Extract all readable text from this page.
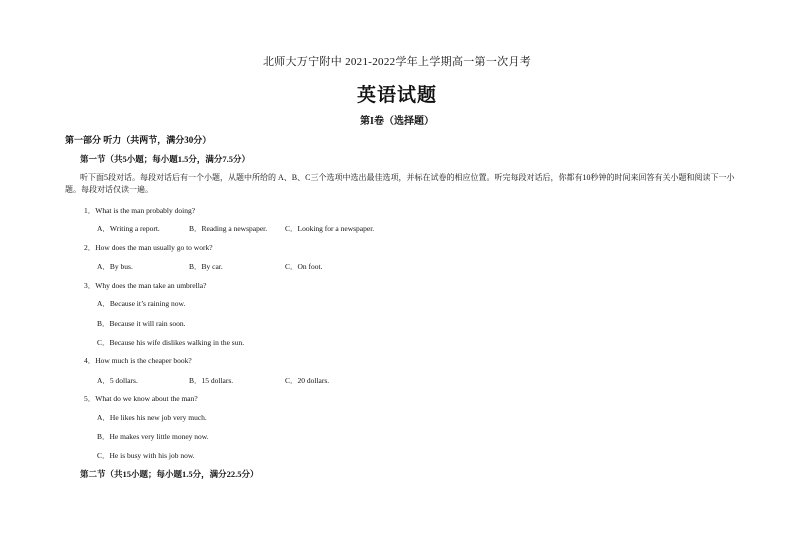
北师大万宁附中 2021-2022学年上学期高一第一次月考
英语试题
第I卷（选择题）
第一部分 听力（共两节，满分30分）
第一节（共5小题；每小题1.5分，满分7.5分）
听下面5段对话。每段对话后有一个小题，从题中所给的 A、B、C三个选项中选出最佳选项，并标在试卷的相应位置。听完每段对话后，你都有10秒钟的时间来回答有关小题和阅读下一小题。每段对话仅读一遍。
1．What is the man probably doing?
A．Writing a report.	B．Reading a newspaper. C．Looking for a newspaper.
2．How does the man usually go to work?
A．By bus.	B．By car.	C．On foot.
3．Why does the man take an umbrella?
A．Because it’s raining now.
B．Because it will rain soon.
C．Because his wife dislikes walking in the sun.
4．How much is the cheaper book?
A．5 dollars.	B．15 dollars.	C．20 dollars.
5．What do we know about the man?
A．He likes his new job very much.
B．He makes very little money now.
C．He is busy with his job now.
第二节（共15小题；每小题1.5分，满分22.5分）
